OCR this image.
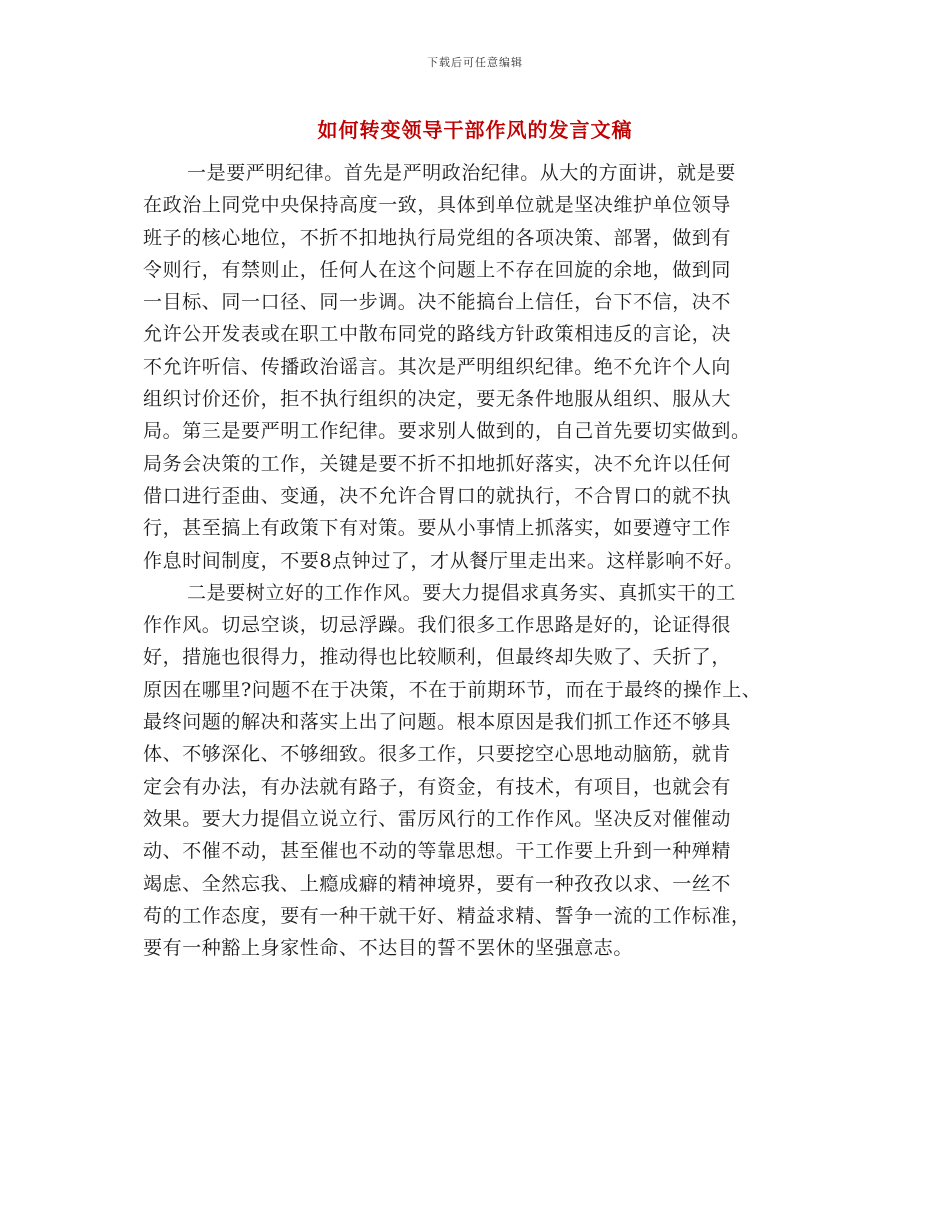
下载后可任意编辑
如何转变领导干部作风的发言文稿
一是要严明纪律。首先是严明政治纪律。从大的方面讲，就是要
在政治上同党中央保持高度一致，具体到单位就是坚决维护单位领导
班子的核心地位，不折不扣地执行局党组的各项决策、部署，做到有
令则行，有禁则止，任何人在这个问题上不存在回旋的余地，做到同
一目标、同一口径、同一步调。决不能搞台上信任，台下不信，决不
允许公开发表或在职工中散布同党的路线方针政策相违反的言论，决
不允许听信、传播政治谣言。其次是严明组织纪律。绝不允许个人向
组织讨价还价，拒不执行组织的决定，要无条件地服从组织、服从大
局。第三是要严明工作纪律。要求别人做到的，自己首先要切实做到。
局务会决策的工作，关键是要不折不扣地抓好落实，决不允许以任何
借口进行歪曲、变通，决不允许合胃口的就执行，不合胃口的就不执
行，甚至搞上有政策下有对策。要从小事情上抓落实，如要遵守工作
作息时间制度，不要8点钟过了，才从餐厅里走出来。这样影响不好。
二是要树立好的工作作风。要大力提倡求真务实、真抓实干的工
作作风。切忌空谈，切忌浮躁。我们很多工作思路是好的，论证得很
好，措施也很得力，推动得也比较顺利，但最终却失败了、夭折了，
原因在哪里?问题不在于决策，不在于前期环节，而在于最终的操作上、
最终问题的解决和落实上出了问题。根本原因是我们抓工作还不够具
体、不够深化、不够细致。很多工作，只要挖空心思地动脑筋，就肯
定会有办法，有办法就有路子，有资金，有技术，有项目，也就会有
效果。要大力提倡立说立行、雷厉风行的工作作风。坚决反对催催动
动、不催不动，甚至催也不动的等靠思想。干工作要上升到一种殚精
竭虑、全然忘我、上瘾成癖的精神境界，要有一种孜孜以求、一丝不
苟的工作态度，要有一种干就干好、精益求精、誓争一流的工作标准，
要有一种豁上身家性命、不达目的誓不罢休的坚强意志。
